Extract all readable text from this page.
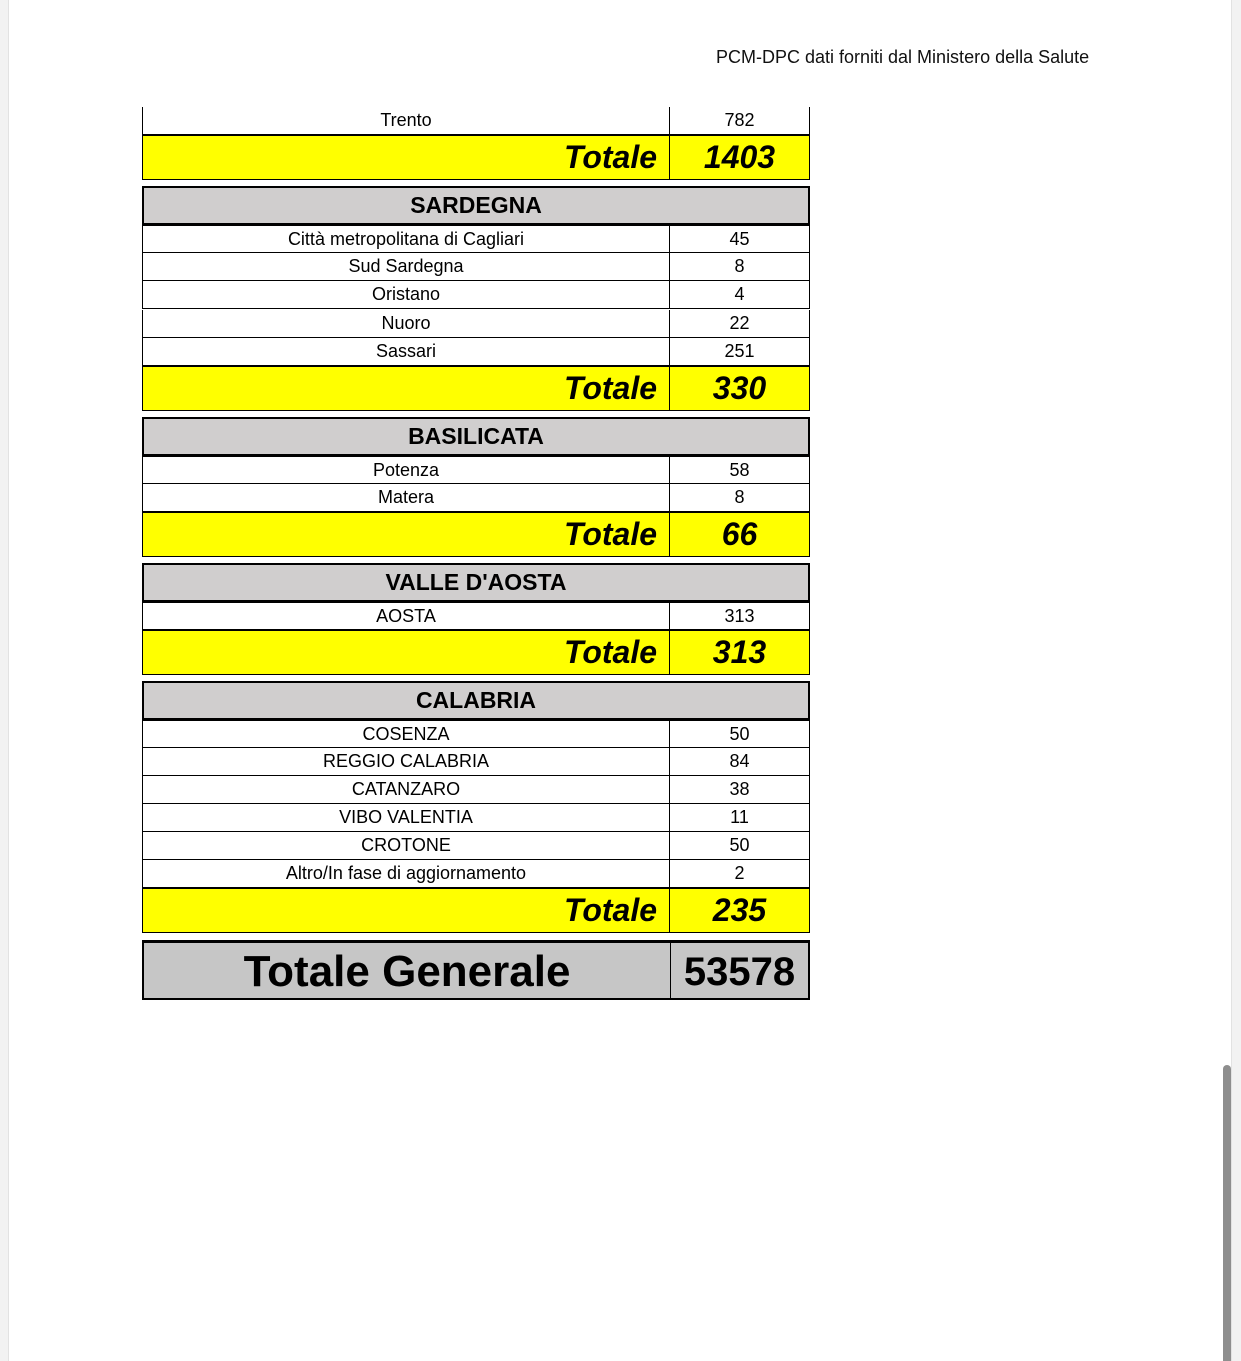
PCM-DPC dati forniti dal Ministero della Salute
Trento	782
Totale	1403
SARDEGNA
Città metropolitana di Cagliari	45
Sud Sardegna	8
Oristano	4
Nuoro	22
Sassari	251
Totale	330
BASILICATA
Potenza	58
Matera	8
Totale	66
VALLE D'AOSTA
AOSTA	313
Totale	313
CALABRIA
COSENZA	50
REGGIO CALABRIA	84
CATANZARO	38
VIBO VALENTIA	11
CROTONE	50
Altro/In fase di aggiornamento	2
Totale	235
Totale Generale	53578
